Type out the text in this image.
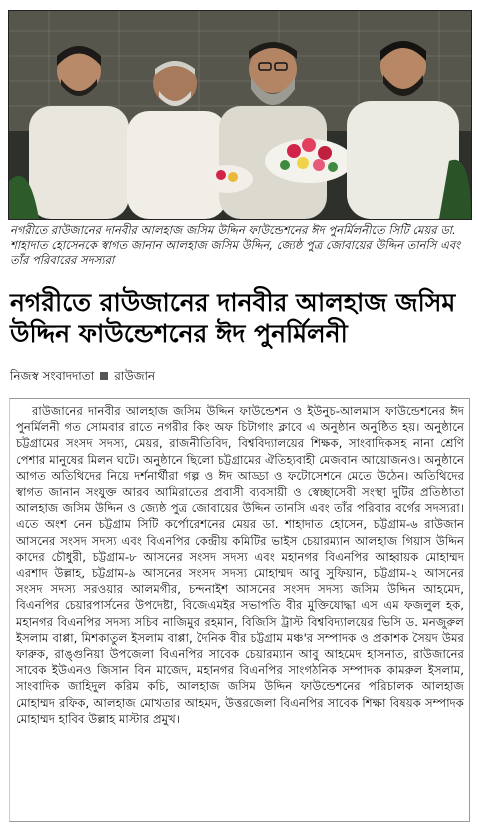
নগরীতে রাউজানের দানবীর আলহাজ জসিম উদ্দিন ফাউন্ডেশনের ঈদ পুনর্মিলনীতে সিটি মেয়র ডা. শাহাদাত হোসেনকে স্বাগত জানান আলহাজ জসিম উদ্দিন, জ্যেষ্ঠ পুত্র জোবায়ের উদ্দিন তানসি এবং তাঁর পরিবারের সদস্যরা
নগরীতে রাউজানের দানবীর আলহাজ জসিম উদ্দিন ফাউন্ডেশনের ঈদ পুনর্মিলনী
নিজস্ব সংবাদদাতা রাউজান

রাউজানের দানবীর আলহাজ জসিম উদ্দিন ফাউন্ডেশন ও ইউনুচ-আলমাস ফাউন্ডেশনের ঈদ পুনর্মিলনী গত সোমবার রাতে নগরীর কিং অফ চিটাগাং ক্লাবে এ অনুষ্ঠান অনুষ্ঠিত হয়। অনুষ্ঠানে চট্টগ্রামের সংসদ সদস্য, মেয়র, রাজনীতিবিদ, বিশ্ববিদ্যালয়ের শিক্ষক, সাংবাদিকসহ নানা শ্রেণি পেশার মানুষের মিলন ঘটে। অনুষ্ঠানে ছিলো চট্টগ্রামের ঐতিহ্যবাহী মেজবান আয়োজনও। অনুষ্ঠানে আগত অতিথিদের নিয়ে দর্শনার্থীরা গল্প ও ঈদ আড্ডা ও ফটোসেশনে মেতে উঠেন। অতিথিদের স্বাগত জানান সংযুক্ত আরব আমিরাতের প্রবাসী ব্যবসায়ী ও স্বেচ্ছাসেবী সংস্থা দুটির প্রতিষ্ঠাতা আলহাজ জসিম উদ্দিন ও জ্যেষ্ঠ পুত্র জোবায়ের উদ্দিন তানসি এবং তাঁর পরিবার বর্গের সদস্যরা। এতে অংশ নেন চট্টগ্রাম সিটি কর্পোরেশনের মেয়র ডা. শাহাদাত হোসেন, চট্টগ্রাম-৬ রাউজান আসনের সংসদ সদস্য এবং বিএনপির কেন্দ্রীয় কমিটির ভাইস চেয়ারম্যান আলহাজ গিয়াস উদ্দিন কাদের চৌধুরী, চট্টগ্রাম-৮ আসনের সংসদ সদস্য এবং মহানগর বিএনপির আহ্বায়ক মোহাম্মদ এরশাদ উল্লাহ, চট্টগ্রাম-৯ আসনের সংসদ সদস্য মোহাম্মদ আবু সুফিয়ান, চট্টগ্রাম-২ আসনের সংসদ সদস্য সরওয়ার আলমগীর, চন্দনাইশ আসনের সংসদ সদস্য জসিম উদ্দিন আহমেদ, বিএনপির চেয়ারপার্সনের উপদেষ্টা, বিজেএমইর সভাপতি বীর মুক্তিযোদ্ধা এস এম ফজলুল হক, মহানগর বিএনপির সদস্য সচিব নাজিমুর রহমান, বিজিসি ট্রাস্ট বিশ্ববিদ্যালয়ের ভিসি ড. মনজুরুল ইসলাম বাপ্পা, মিশকাতুল ইসলাম বাপ্পা, দৈনিক বীর চট্টগ্রাম মঞ্চ'র সম্পাদক ও প্রকাশক সৈয়দ উমর ফারুক, রাঙ্গুনিয়া উপজেলা বিএনপির সাবেক চেয়ারম্যান আবু আহমেদ হাসনাত, রাউজানের সাবেক ইউএনও জিসান বিন মাজেদ, মহানগর বিএনপির সাংগঠনিক সম্পাদক কামরুল ইসলাম, সাংবাদিক জাহিদুল করিম কচি, আলহাজ জসিম উদ্দিন ফাউন্ডেশনের পরিচালক আলহাজ মোহাম্মদ রফিক, আলহাজ মোখতার আহমদ, উত্তরজেলা বিএনপির সাবেক শিক্ষা বিষয়ক সম্পাদক মোহাম্মদ হাবিব উল্লাহ মাস্টার প্রমুখ।
